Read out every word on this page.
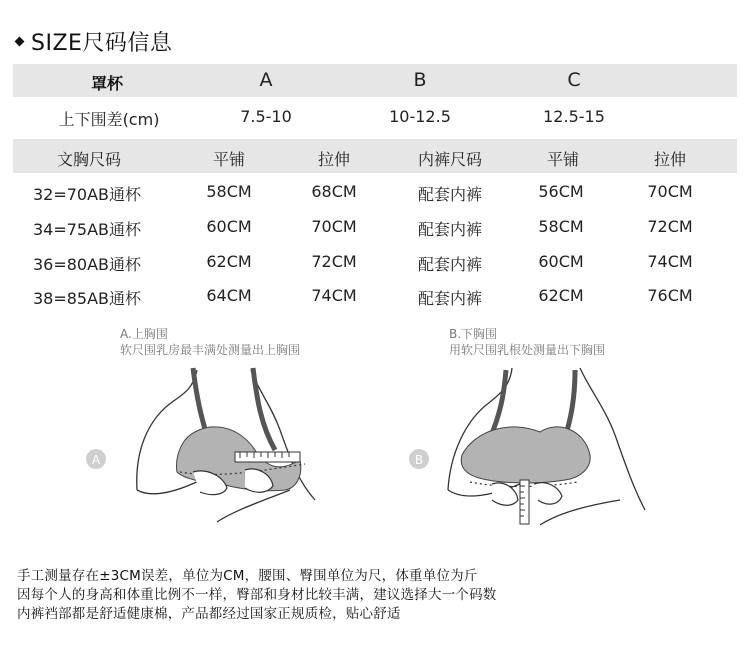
SIZE尺码信息
罩杯	A	B	C
上下围差(cm)	7.5-10	10-12.5	12.5-15
文胸尺码	平铺	拉伸	内裤尺码	平铺	拉伸
32=70AB通杯	58CM	68CM	配套内裤	56CM	70CM
34=75AB通杯	60CM	70CM	配套内裤	58CM	72CM
36=80AB通杯	62CM	72CM	配套内裤	60CM	74CM
38=85AB通杯	64CM	74CM	配套内裤	62CM	76CM
A.上胸围
软尺围乳房最丰满处测量出上胸围
A
B.下胸围
用软尺围乳根处测量出下胸围
B
手工测量存在±3CM误差，单位为CM，腰围、臀围单位为尺，体重单位为斤
因每个人的身高和体重比例不一样，臀部和身材比较丰满，建议选择大一个码数
内裤裆部都是舒适健康棉，产品都经过国家正规质检，贴心舒适
